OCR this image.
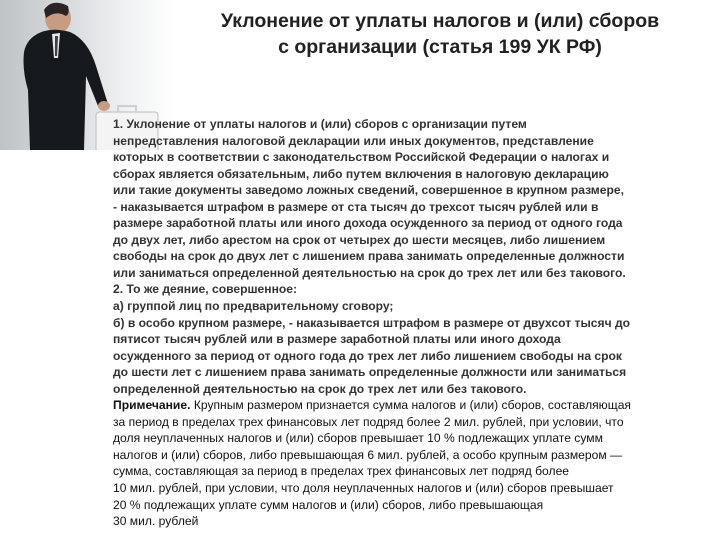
Уклонение от уплаты налогов и (или) сборов
с организации (статья 199 УК РФ)
1. Уклонение от уплаты налогов и (или) сборов с организации путем
непредставления налоговой декларации или иных документов, представление
которых в соответствии с законодательством Российской Федерации о налогах и
сборах является обязательным, либо путем включения в налоговую декларацию
или такие документы заведомо ложных сведений, совершенное в крупном размере,
- наказывается штрафом в размере от ста тысяч до трехсот тысяч рублей или в
размере заработной платы или иного дохода осужденного за период от одного года
до двух лет, либо арестом на срок от четырех до шести месяцев, либо лишением
свободы на срок до двух лет с лишением права занимать определенные должности
или заниматься определенной деятельностью на срок до трех лет или без такового.
2. То же деяние, совершенное:
а) группой лиц по предварительному сговору;
б) в особо крупном размере, - наказывается штрафом в размере от двухсот тысяч до
пятисот тысяч рублей или в размере заработной платы или иного дохода
осужденного за период от одного года до трех лет либо лишением свободы на срок
до шести лет с лишением права занимать определенные должности или заниматься
определенной деятельностью на срок до трех лет или без такового.
Примечание. Крупным размером признается сумма налогов и (или) сборов, составляющая
за период в пределах трех финансовых лет подряд более 2 мил. рублей, при условии, что
доля неуплаченных налогов и (или) сборов превышает 10 % подлежащих уплате сумм
налогов и (или) сборов, либо превышающая 6 мил. рублей, а особо крупным размером —
сумма, составляющая за период в пределах трех финансовых лет подряд более
10 мил. рублей, при условии, что доля неуплаченных налогов и (или) сборов превышает
20 % подлежащих уплате сумм налогов и (или) сборов, либо превышающая
30 мил. рублей
